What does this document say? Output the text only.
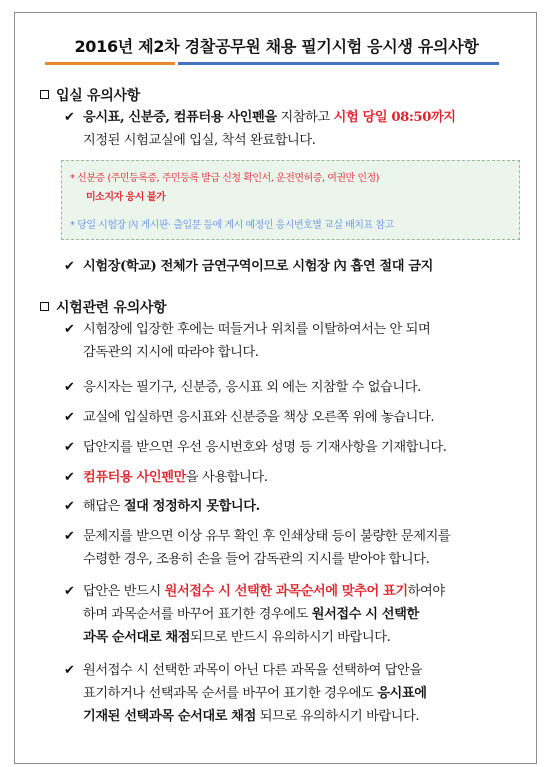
2016년 제2차 경찰공무원 채용 필기시험 응시생 유의사항
입실 유의사항
✔ 응시표, 신분증, 컴퓨터용 사인펜을 지참하고 시험 당일 08:50까지
지정된 시험교실에 입실, 착석 완료합니다.
* 신분증 (주민등록증, 주민등록 발급 신청 확인서, 운전면허증, 여권만 인정)
미소지자 응시 불가
* 당일 시험장 內 게시판· 출입문 등에 게시 예정인 응시번호별 교실 배치표 참고
✔ 시험장(학교) 전체가 금연구역이므로 시험장 內 흡연 절대 금지
시험관련 유의사항
✔ 시험장에 입장한 후에는 떠들거나 위치를 이탈하여서는 안 되며
감독관의 지시에 따라야 합니다.
✔ 응시자는 필기구, 신분증, 응시표 외 에는 지참할 수 없습니다.
✔ 교실에 입실하면 응시표와 신분증을 책상 오른쪽 위에 놓습니다.
✔ 답안지를 받으면 우선 응시번호와 성명 등 기재사항을 기재합니다.
✔ 컴퓨터용 사인펜만을 사용합니다.
✔ 해답은 절대 정정하지 못합니다.
✔ 문제지를 받으면 이상 유무 확인 후 인쇄상태 등이 불량한 문제지를
수령한 경우, 조용히 손을 들어 감독관의 지시를 받아야 합니다.
✔ 답안은 반드시 원서접수 시 선택한 과목순서에 맞추어 표기하여야
하며 과목순서를 바꾸어 표기한 경우에도 원서접수 시 선택한
과목 순서대로 채점되므로 반드시 유의하시기 바랍니다.
✔ 원서접수 시 선택한 과목이 아닌 다른 과목을 선택하여 답안을
표기하거나 선택과목 순서를 바꾸어 표기한 경우에도 응시표에
기재된 선택과목 순서대로 채점 되므로 유의하시기 바랍니다.
